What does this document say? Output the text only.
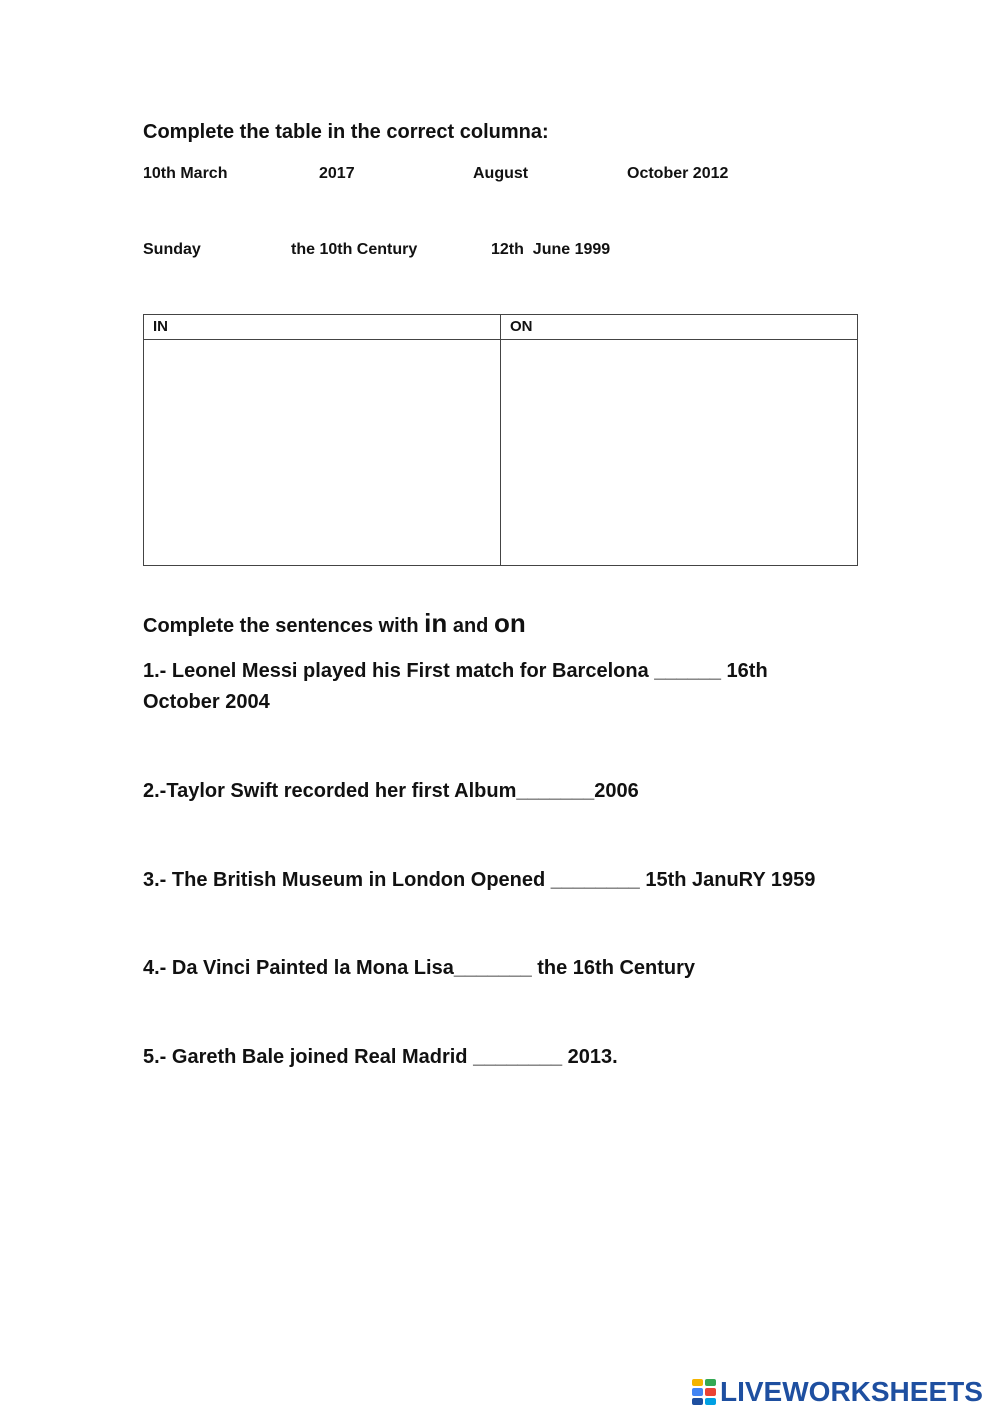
Complete the table in the correct columna:
10th March	2017	August	October 2012
Sunday	the 10th Century	12th  June 1999
IN	ON

Complete the sentences with in and on
1.- Leonel Messi played his First match for Barcelona ______ 16th
October 2004
2.-Taylor Swift recorded her first Album_______2006
3.- The British Museum in London Opened ________ 15th JanuRY 1959
4.- Da Vinci Painted la Mona Lisa_______ the 16th Century
5.- Gareth Bale joined Real Madrid ________ 2013.
LIVEWORKSHEETS
